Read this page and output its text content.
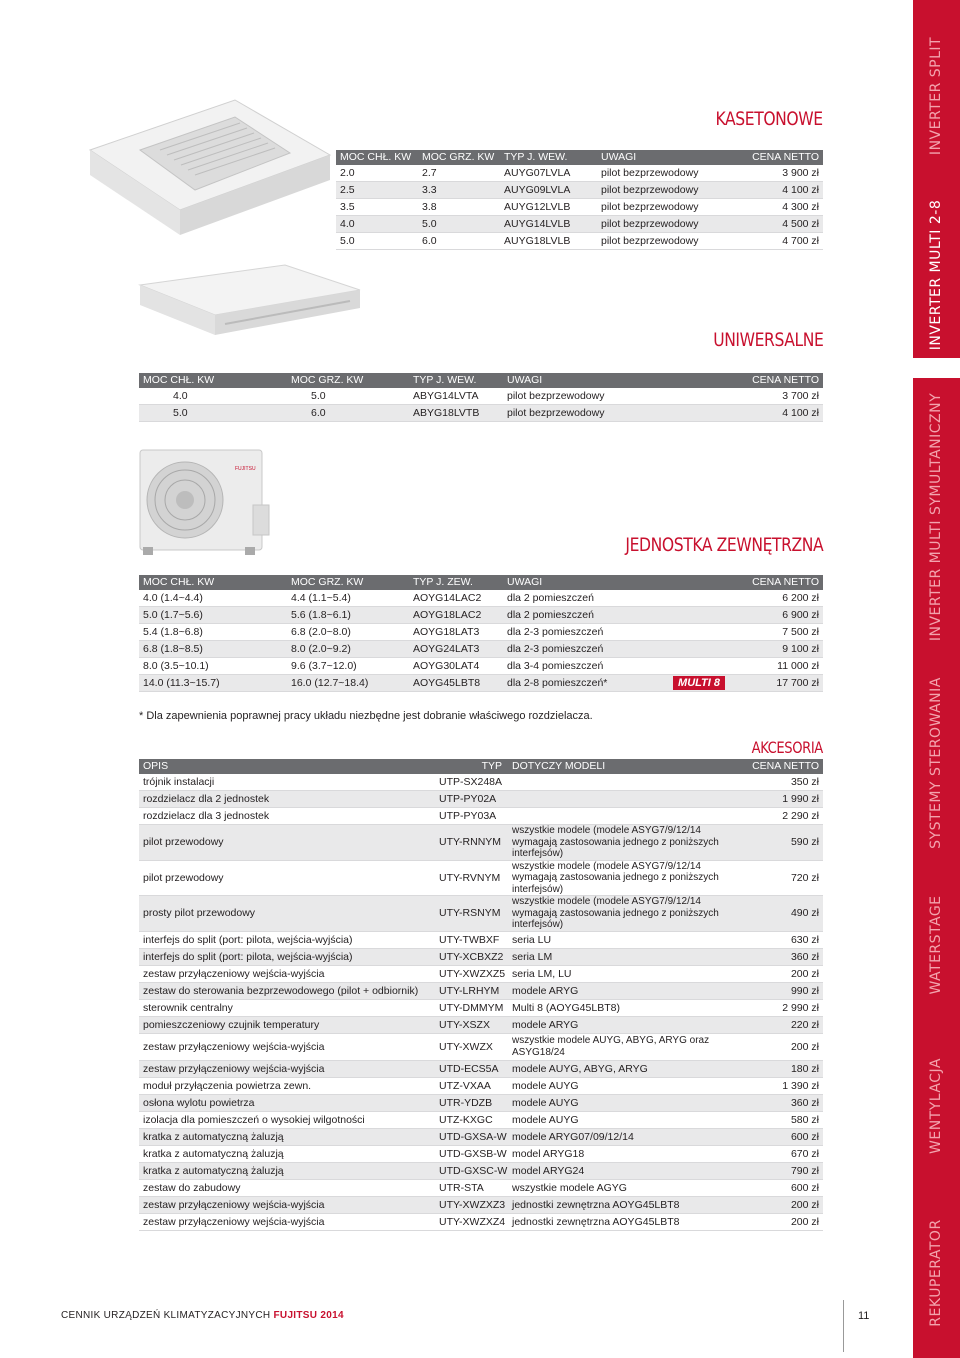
FUJITSU
KASETONOWE
UNIWERSALNE
JEDNOSTKA ZEWNĘTRZNA
AKCESORIA
MOC CHŁ. KW	MOC GRZ. KW	TYP J. WEW.	UWAGI	CENA NETTO
2.0	2.7	AUYG07LVLA	pilot bezprzewodowy	3 900 zł
2.5	3.3	AUYG09LVLA	pilot bezprzewodowy	4 100 zł
3.5	3.8	AUYG12LVLB	pilot bezprzewodowy	4 300 zł
4.0	5.0	AUYG14LVLB	pilot bezprzewodowy	4 500 zł
5.0	6.0	AUYG18LVLB	pilot bezprzewodowy	4 700 zł
MOC CHŁ. KW	MOC GRZ. KW	TYP J. WEW.	UWAGI	CENA NETTO
4.0	5.0	ABYG14LVTA	pilot bezprzewodowy	3 700 zł
5.0	6.0	ABYG18LVTB	pilot bezprzewodowy	4 100 zł
MOC CHŁ. KW	MOC GRZ. KW	TYP J. ZEW.	UWAGI	CENA NETTO
4.0 (1.4~4.4)	4.4 (1.1~5.4)	AOYG14LAC2	dla 2 pomieszczeń	6 200 zł
5.0 (1.7~5.6)	5.6 (1.8~6.1)	AOYG18LAC2	dla 2 pomieszczeń	6 900 zł
5.4 (1.8~6.8)	6.8 (2.0~8.0)	AOYG18LAT3	dla 2-3 pomieszczeń	7 500 zł
6.8 (1.8~8.5)	8.0 (2.0~9.2)	AOYG24LAT3	dla 2-3 pomieszczeń	9 100 zł
8.0 (3.5~10.1)	9.6 (3.7~12.0)	AOYG30LAT4	dla 3-4 pomieszczeń	11 000 zł
14.0 (11.3~15.7)	16.0 (12.7~18.4)	AOYG45LBT8	dla 2-8 pomieszczeń* MULTI 8	17 700 zł
* Dla zapewnienia poprawnej pracy układu niezbędne jest dobranie właściwego rozdzielacza.
OPIS	TYP	DOTYCZY MODELI	CENA NETTO
trójnik instalacji	UTP-SX248A		350 zł
rozdzielacz dla 2 jednostek	UTP-PY02A		1 990 zł
rozdzielacz dla 3 jednostek	UTP-PY03A		2 290 zł
pilot przewodowy	UTY-RNNYM	wszystkie modele (modele ASYG7/9/12/14 wymagają zastosowania jednego z poniższych interfejsów)	590 zł
pilot przewodowy	UTY-RVNYM	wszystkie modele (modele ASYG7/9/12/14 wymagają zastosowania jednego z poniższych interfejsów)	720 zł
prosty pilot przewodowy	UTY-RSNYM	wszystkie modele (modele ASYG7/9/12/14 wymagają zastosowania jednego z poniższych interfejsów)	490 zł
interfejs do split (port: pilota, wejścia-wyjścia)	UTY-TWBXF	seria LU	630 zł
interfejs do split (port: pilota, wejścia-wyjścia)	UTY-XCBXZ2	seria LM	360 zł
zestaw przyłączeniowy wejścia-wyjścia	UTY-XWZXZ5	seria LM, LU	200 zł
zestaw do sterowania bezprzewodowego (pilot + odbiornik)	UTY-LRHYM	modele ARYG	990 zł
sterownik centralny	UTY-DMMYM	Multi 8 (AOYG45LBT8)	2 990 zł
pomieszczeniowy czujnik temperatury	UTY-XSZX	modele ARYG	220 zł
zestaw przyłączeniowy wejścia-wyjścia	UTY-XWZX	wszystkie modele AUYG, ABYG, ARYG oraz ASYG18/24	200 zł
zestaw przyłączeniowy wejścia-wyjścia	UTD-ECS5A	modele AUYG, ABYG, ARYG	180 zł
moduł przyłączenia powietrza zewn.	UTZ-VXAA	modele AUYG	1 390 zł
osłona wylotu powietrza	UTR-YDZB	modele AUYG	360 zł
izolacja dla pomieszczeń o wysokiej wilgotności	UTZ-KXGC	modele AUYG	580 zł
kratka z automatyczną żaluzją	UTD-GXSA-W	modele ARYG07/09/12/14	600 zł
kratka z automatyczną żaluzją	UTD-GXSB-W	model ARYG18	670 zł
kratka z automatyczną żaluzją	UTD-GXSC-W	model ARYG24	790 zł
zestaw do zabudowy	UTR-STA	wszystkie modele AGYG	600 zł
zestaw przyłączeniowy wejścia-wyjścia	UTY-XWZXZ3	jednostki zewnętrzna AOYG45LBT8	200 zł
zestaw przyłączeniowy wejścia-wyjścia	UTY-XWZXZ4	jednostki zewnętrzna AOYG45LBT8	200 zł
CENNIK URZĄDZEŃ KLIMATYZACYJNYCH FUJITSU 2014	11
INVERTER SPLIT
INVERTER MULTI 2-8
INVERTER MULTI SYMULTANICZNY
SYSTEMY STEROWANIA
WATERSTAGE
WENTYLACJA
REKUPERATOR
